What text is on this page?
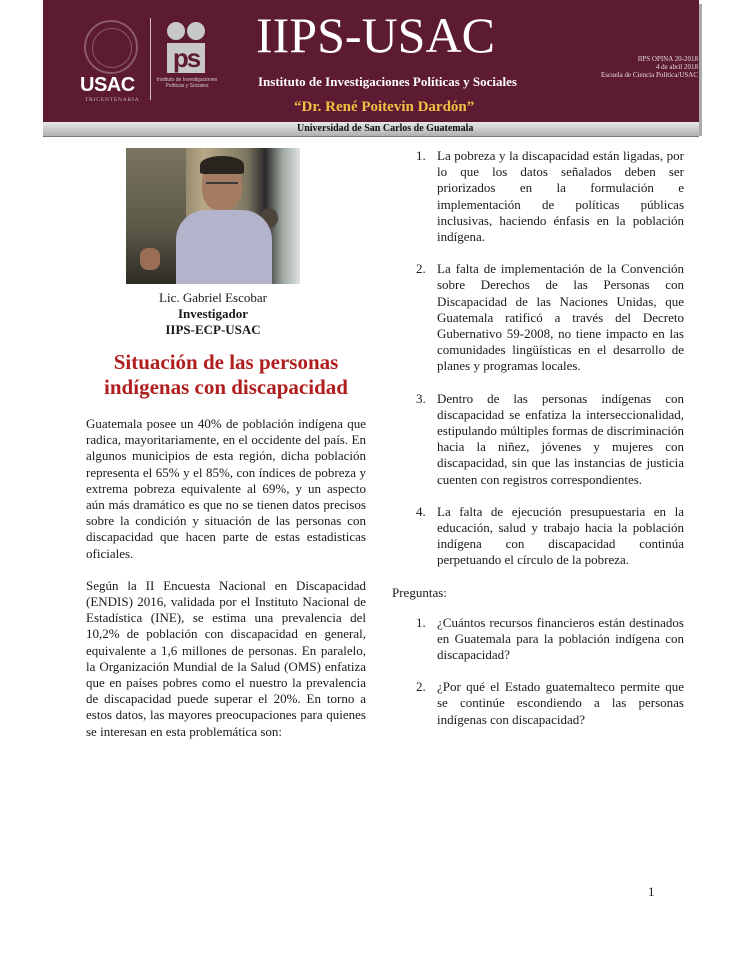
USAC
TRICENTENARIA
ps
Instituto de Investigaciones Políticas y Sociales
IIPS-USAC
Instituto de Investigaciones Políticas y Sociales
“Dr. René Poitevin Dardón”
IIPS OPINA 20-2018
4 de abril 2018
Escuela de Ciencia Política/USAC
Universidad de San Carlos de Guatemala
Lic. Gabriel Escobar
Investigador
IIPS-ECP-USAC
Situación de las personas indígenas con discapacidad

Guatemala posee un 40% de población indígena que radica, mayoritariamente, en el occidente del país. En algunos municipios de esta región, dicha población representa el 65% y el 85%, con índices de pobreza y extrema pobreza equivalente al 69%, y un aspecto aún más dramático es que no se tienen datos precisos sobre la condición y situación de las personas con discapacidad que hacen parte de estas estadisticas oficiales.

Según la II Encuesta Nacional en Discapacidad (ENDIS) 2016, validada por el Instituto Nacional de Estadística (INE), se estima una prevalencia del 10,2% de población con discapacidad en general, equivalente a 1,6 millones de personas. En paralelo, la Organización Mundial de la Salud (OMS) enfatiza que en países pobres como el nuestro la prevalencia de discapacidad puede superar el 20%. En torno a estos datos, las mayores preocupaciones para quienes se interesan en esta problemática son:

1. La pobreza y la discapacidad están ligadas, por lo que los datos señalados deben ser priorizados en la formulación e implementación de políticas públicas inclusivas, haciendo énfasis en la población indígena.
2. La falta de implementación de la Convención sobre Derechos de las Personas con Discapacidad de las Naciones Unidas, que Guatemala ratificó a través del Decreto Gubernativo 59-2008, no tiene impacto en las comunidades lingüísticas en el desarrollo de planes y programas locales.
3. Dentro de las personas indígenas con discapacidad se enfatiza la interseccionalidad, estipulando múltiples formas de discriminación hacia la niñez, jóvenes y mujeres con discapacidad, sin que las instancias de justicia cuenten con registros correspondientes.
4. La falta de ejecución presupuestaria en la educación, salud y trabajo hacia la población indígena con discapacidad continúa perpetuando el círculo de la pobreza.
Preguntas:
1. ¿Cuántos recursos financieros están destinados en Guatemala para la población indígena con discapacidad?
2. ¿Por qué el Estado guatemalteco permite que se continúe escondiendo a las personas indígenas con discapacidad?
1
